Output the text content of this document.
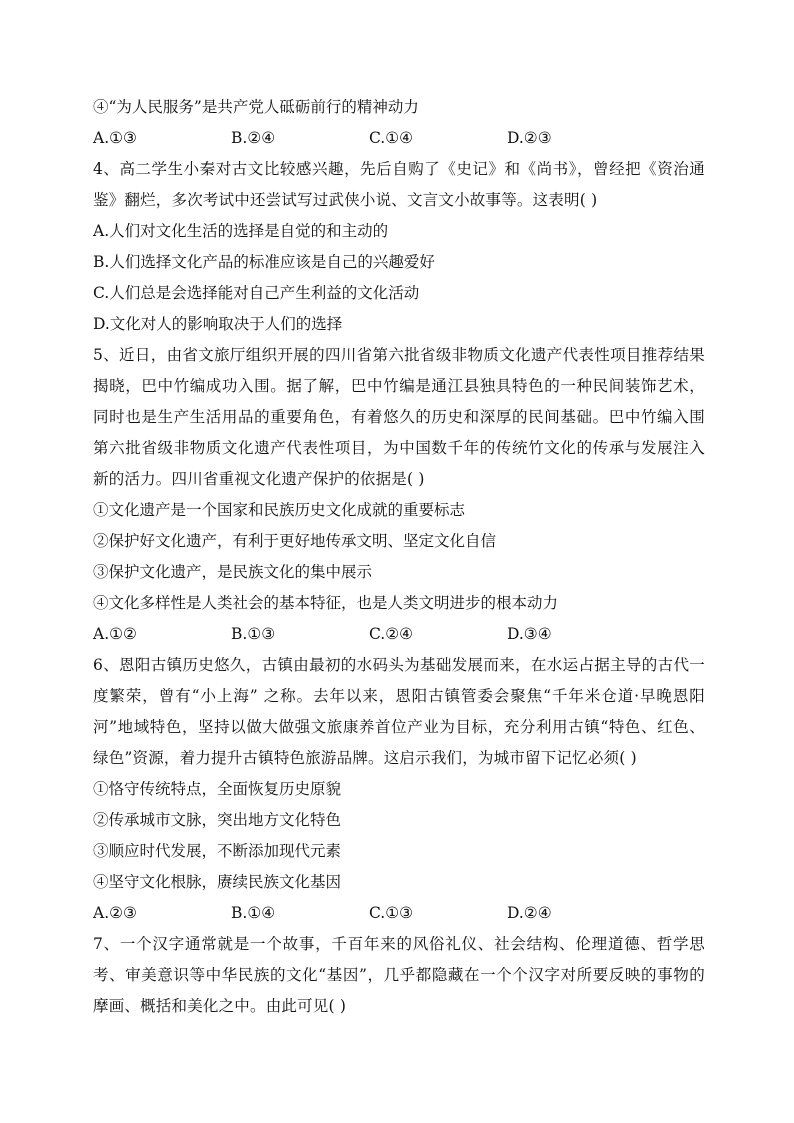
④“为人民服务”是共产党人砥砺前行的精神动力
A.①③	B.②④	C.①④	D.②③
4、高二学生小秦对古文比较感兴趣，先后自购了《史记》和《尚书》，曾经把《资治通鉴》翻烂，多次考试中还尝试写过武侠小说、文言文小故事等。这表明( )
A.人们对文化生活的选择是自觉的和主动的
B.人们选择文化产品的标准应该是自己的兴趣爱好
C.人们总是会选择能对自己产生利益的文化活动
D.文化对人的影响取决于人们的选择
5、近日，由省文旅厅组织开展的四川省第六批省级非物质文化遗产代表性项目推荐结果揭晓，巴中竹编成功入围。据了解，巴中竹编是通江县独具特色的一种民间装饰艺术，同时也是生产生活用品的重要角色，有着悠久的历史和深厚的民间基础。巴中竹编入围第六批省级非物质文化遗产代表性项目，为中国数千年的传统竹文化的传承与发展注入新的活力。四川省重视文化遗产保护的依据是( )
①文化遗产是一个国家和民族历史文化成就的重要标志
②保护好文化遗产，有利于更好地传承文明、坚定文化自信
③保护文化遗产，是民族文化的集中展示
④文化多样性是人类社会的基本特征，也是人类文明进步的根本动力
A.①②	B.①③	C.②④	D.③④
6、恩阳古镇历史悠久，古镇由最初的水码头为基础发展而来，在水运占据主导的古代一度繁荣，曾有“小上海” 之称。去年以来，恩阳古镇管委会聚焦“千年米仓道·早晚恩阳河”地域特色，坚持以做大做强文旅康养首位产业为目标，充分利用古镇“特色、红色、绿色”资源，着力提升古镇特色旅游品牌。这启示我们，为城市留下记忆必须( )
①恪守传统特点，全面恢复历史原貌
②传承城市文脉，突出地方文化特色
③顺应时代发展，不断添加现代元素
④坚守文化根脉，赓续民族文化基因
A.②③	B.①④	C.①③	D.②④
7、一个汉字通常就是一个故事，千百年来的风俗礼仪、社会结构、伦理道德、哲学思考、审美意识等中华民族的文化“基因”，几乎都隐藏在一个个汉字对所要反映的事物的摩画、概括和美化之中。由此可见( )
